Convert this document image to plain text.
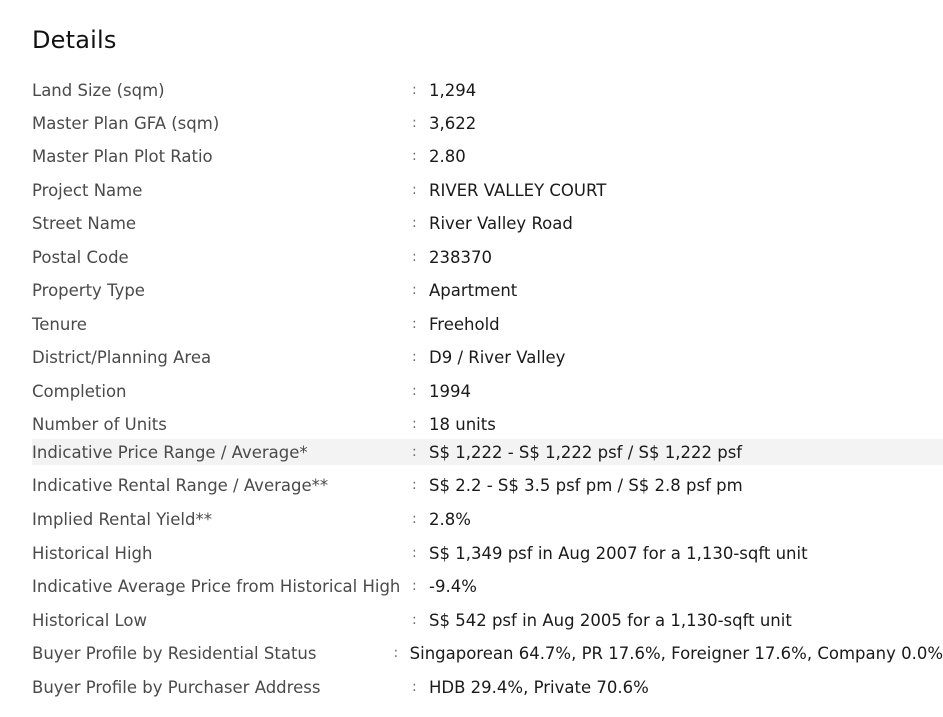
Details
Land Size (sqm)	: 1,294
Master Plan GFA (sqm)	: 3,622
Master Plan Plot Ratio	: 2.80
Project Name	: RIVER VALLEY COURT
Street Name	: River Valley Road
Postal Code	: 238370
Property Type	: Apartment
Tenure	: Freehold
District/Planning Area	: D9 / River Valley
Completion	: 1994
Number of Units	: 18 units
Indicative Price Range / Average*	: S$ 1,222 - S$ 1,222 psf / S$ 1,222 psf
Indicative Rental Range / Average**	: S$ 2.2 - S$ 3.5 psf pm / S$ 2.8 psf pm
Implied Rental Yield**	: 2.8%
Historical High	: S$ 1,349 psf in Aug 2007 for a 1,130-sqft unit
Indicative Average Price from Historical High : -9.4%
Historical Low	: S$ 542 psf in Aug 2005 for a 1,130-sqft unit
Buyer Profile by Residential Status	: Singaporean 64.7%, PR 17.6%, Foreigner 17.6%, Company 0.0%
Buyer Profile by Purchaser Address	: HDB 29.4%, Private 70.6%
